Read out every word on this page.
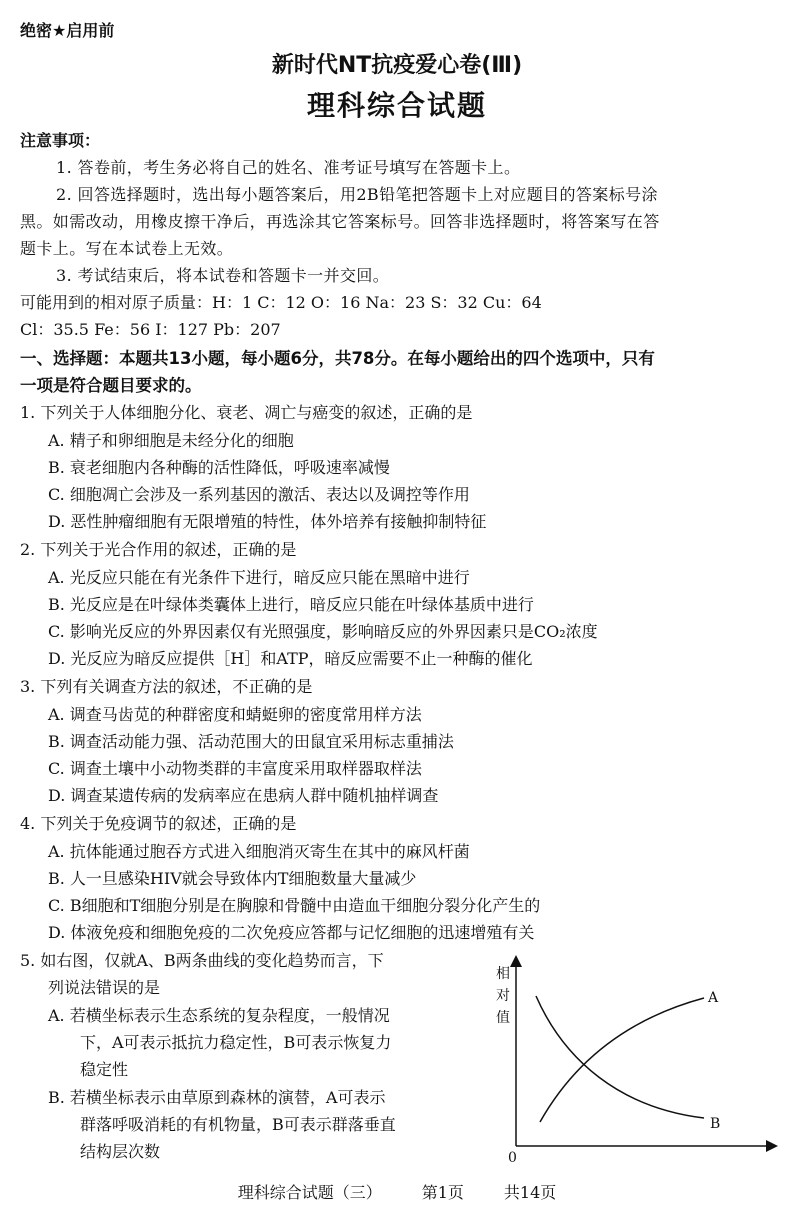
绝密★启用前
新时代NT抗疫爱心卷(Ⅲ)
理科综合试题
注意事项：
1. 答卷前，考生务必将自己的姓名、准考证号填写在答题卡上。
2. 回答选择题时，选出每小题答案后，用2B铅笔把答题卡上对应题目的答案标号涂
黑。如需改动，用橡皮擦干净后，再选涂其它答案标号。回答非选择题时，将答案写在答
题卡上。写在本试卷上无效。
3. 考试结束后，将本试卷和答题卡一并交回。
可能用到的相对原子质量：H：1 C：12 O：16 Na：23 S：32 Cu：64
Cl：35.5 Fe：56 I：127 Pb：207
一、选择题：本题共13小题，每小题6分，共78分。在每小题给出的四个选项中，只有
一项是符合题目要求的。
1. 下列关于人体细胞分化、衰老、凋亡与癌变的叙述，正确的是
A. 精子和卵细胞是未经分化的细胞
B. 衰老细胞内各种酶的活性降低，呼吸速率减慢
C. 细胞凋亡会涉及一系列基因的激活、表达以及调控等作用
D. 恶性肿瘤细胞有无限增殖的特性，体外培养有接触抑制特征
2. 下列关于光合作用的叙述，正确的是
A. 光反应只能在有光条件下进行，暗反应只能在黑暗中进行
B. 光反应是在叶绿体类囊体上进行，暗反应只能在叶绿体基质中进行
C. 影响光反应的外界因素仅有光照强度，影响暗反应的外界因素只是CO₂浓度
D. 光反应为暗反应提供［H］和ATP，暗反应需要不止一种酶的催化
3. 下列有关调查方法的叙述，不正确的是
A. 调查马齿苋的种群密度和蜻蜓卵的密度常用样方法
B. 调查活动能力强、活动范围大的田鼠宜采用标志重捕法
C. 调查土壤中小动物类群的丰富度采用取样器取样法
D. 调查某遗传病的发病率应在患病人群中随机抽样调查
4. 下列关于免疫调节的叙述，正确的是
A. 抗体能通过胞吞方式进入细胞消灭寄生在其中的麻风杆菌
B. 人一旦感染HIV就会导致体内T细胞数量大量减少
C. B细胞和T细胞分别是在胸腺和骨髓中由造血干细胞分裂分化产生的
D. 体液免疫和细胞免疫的二次免疫应答都与记忆细胞的迅速增殖有关
5. 如右图，仅就A、B两条曲线的变化趋势而言，下
列说法错误的是
A. 若横坐标表示生态系统的复杂程度，一般情况
下，A可表示抵抗力稳定性，B可表示恢复力
稳定性
B. 若横坐标表示由草原到森林的演替，A可表示
群落呼吸消耗的有机物量，B可表示群落垂直
结构层次数
相
对
值
0
A
B
理科综合试题（三）	第1页	共14页
